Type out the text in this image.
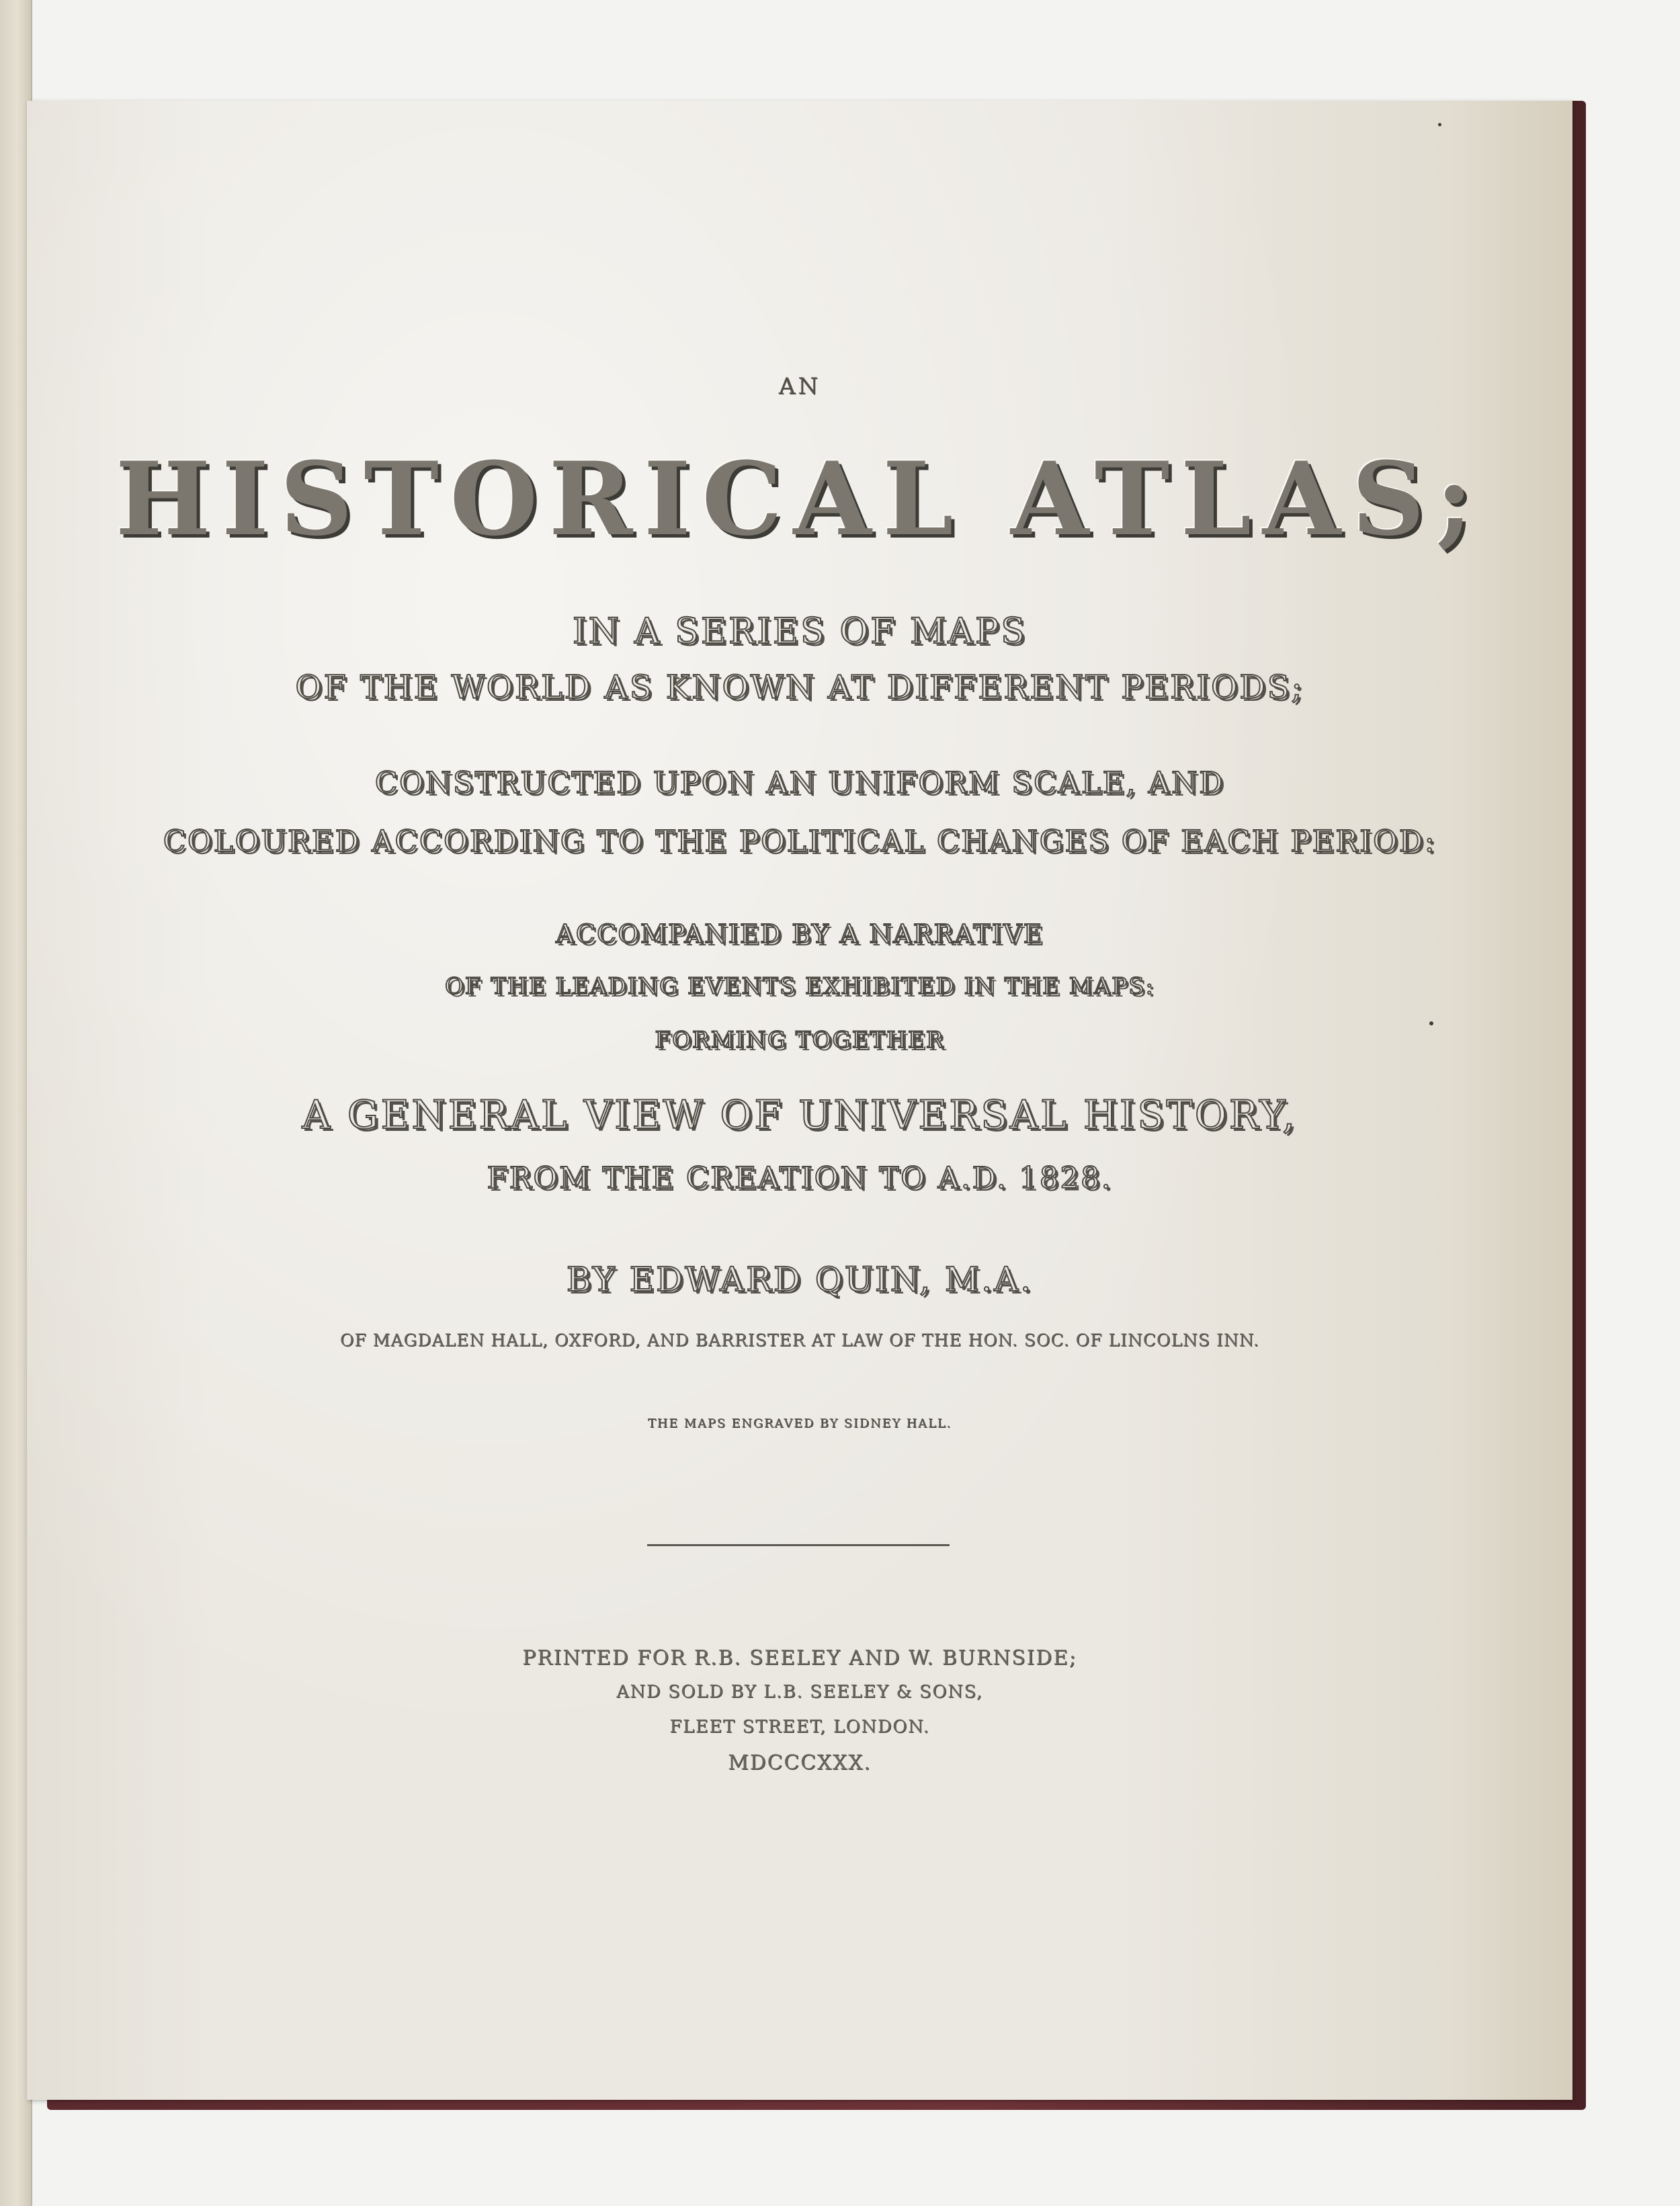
AN
HISTORICAL ATLAS;
IN A SERIES OF MAPS
OF THE WORLD AS KNOWN AT DIFFERENT PERIODS;
CONSTRUCTED UPON AN UNIFORM SCALE, AND
COLOURED ACCORDING TO THE POLITICAL CHANGES OF EACH PERIOD:
ACCOMPANIED BY A NARRATIVE
OF THE LEADING EVENTS EXHIBITED IN THE MAPS:
FORMING TOGETHER
A GENERAL VIEW OF UNIVERSAL HISTORY,
FROM THE CREATION TO A.D. 1828.
BY EDWARD QUIN, M.A.
OF MAGDALEN HALL, OXFORD, AND BARRISTER AT LAW OF THE HON. SOC. OF LINCOLNS INN.
THE MAPS ENGRAVED BY SIDNEY HALL.
PRINTED FOR R.B. SEELEY AND W. BURNSIDE;
AND SOLD BY L.B. SEELEY & SONS,
FLEET STREET, LONDON.
MDCCCXXX.
